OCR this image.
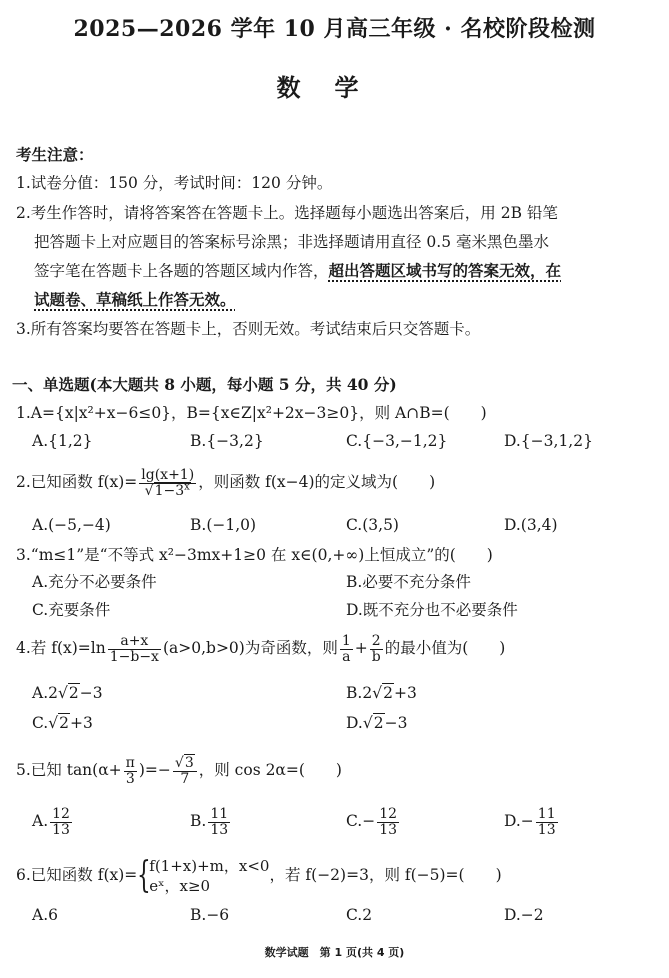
2025—2026 学年 10 月高三年级 · 名校阶段检测
数学
考生注意：
1.试卷分值：150 分，考试时间：120 分钟。
2.考生作答时，请将答案答在答题卡上。选择题每小题选出答案后，用 2B 铅笔
把答题卡上对应题目的答案标号涂黑；非选择题请用直径 0.5 毫米黑色墨水
签字笔在答题卡上各题的答题区域内作答，超出答题区域书写的答案无效，在
试题卷、草稿纸上作答无效。
3.所有答案均要答在答题卡上，否则无效。考试结束后只交答题卡。
一、单选题(本大题共 8 小题，每小题 5 分，共 40 分)
1.A={x|x²+x−6≤0}，B={x∈Z|x²+2x−3≥0}，则 A∩B=(　　)
A.{1,2}	B.{−3,2}	C.{−3,−1,2}	D.{−3,1,2}
2.已知函数 $f(x)= \frac{\lg(x+1)}{√1-3^x}$ ，则函数 f(x−4)的定义域为(　　)
A.(−5,−4)	B.(−1,0)	C.(3,5)	D.(3,4)
3.“m≤1”是“不等式 x²−3mx+1≥0 在 x∈(0,+∞)上恒成立”的(　　)
A.充分不必要条件	B.必要不充分条件
C.充要条件	D.既不充分也不必要条件
4.若 $f(x)=\ln \frac{a+x}{1-b-x} (a>0,b>0)$为奇函数，则 $\frac{1}{a} + \frac{2}{b}$ 的最小值为(　　)
A.2√2−3	B.2√2+3
C.√2+3	D.√2−3
5.已知 $\tan(\alpha+ \frac{\pi}{3}$ )=− $\frac{√3}{7}$ ，则 cos 2α=(　　)
A. $\frac{12}{13}$	B. $\frac{11}{13}$	$C.- \frac{12}{13}$	$D.- \frac{11}{13}$
6.已知函数 f(x)= {
f(1+x)+m，x<0
eˣ，x≥0
，若 f(−2)=3，则 f(−5)=(　　)
A.6	B.−6	C.2	D.−2
数学试题　第 1 页(共 4 页)
